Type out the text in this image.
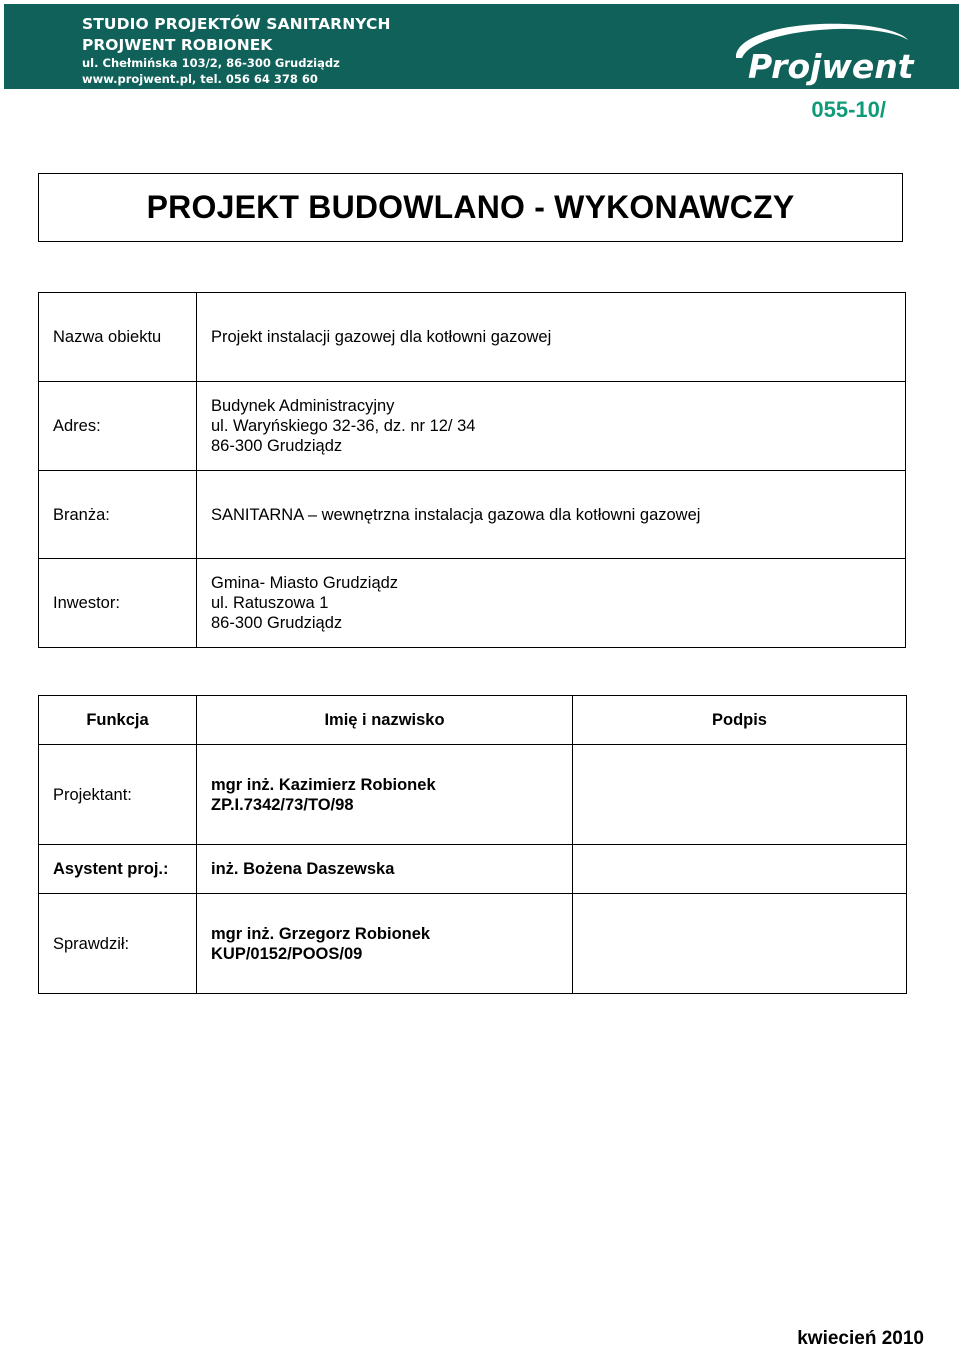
STUDIO PROJEKTÓW SANITARNYCH
PROJWENT ROBIONEK
ul. Chełmińska 103/2, 86-300 Grudziądz
www.projwent.pl, tel. 056 64 378 60	Projwent
055-10/
PROJEKT BUDOWLANO - WYKONAWCZY
Nazwa obiektu	Projekt instalacji gazowej dla kotłowni gazowej
Adres:	Budynek Administracyjny
ul. Waryńskiego 32-36, dz. nr 12/ 34
86-300 Grudziądz

Branża:	SANITARNA – wewnętrzna instalacja gazowa dla kotłowni gazowej
Inwestor:	Gmina- Miasto Grudziądz
ul. Ratuszowa 1
86-300 Grudziądz
Funkcja	Imię i nazwisko	Podpis
Projektant:	mgr inż. Kazimierz Robionek
ZP.I.7342/73/TO/98	

Asystent proj.:	inż. Bożena Daszewska	

Sprawdził:	mgr inż. Grzegorz Robionek
KUP/0152/POOS/09	

kwiecień 2010
